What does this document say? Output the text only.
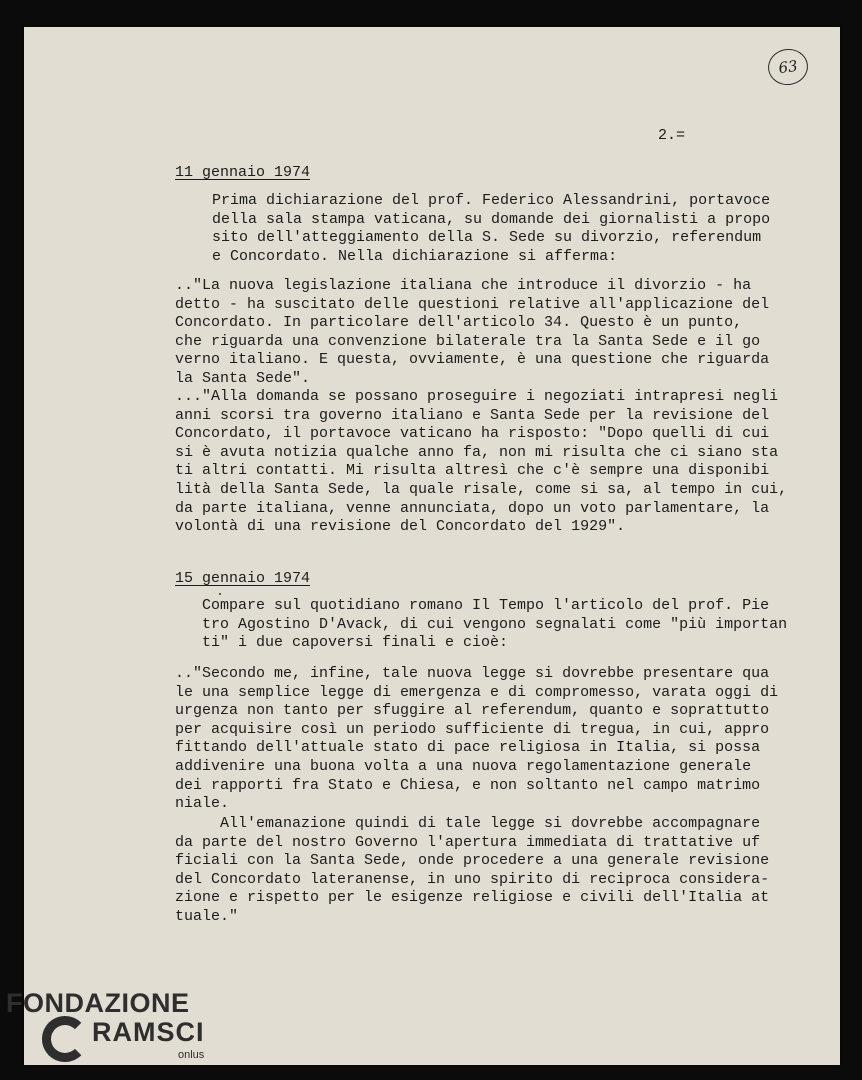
63
2.=
11 gennaio 1974
Prima dichiarazione del prof. Federico Alessandrini, portavoce
della sala stampa vaticana, su domande dei giornalisti a propo
sito dell'atteggiamento della S. Sede su divorzio, referendum
e Concordato. Nella dichiarazione si afferma:
.."La nuova legislazione italiana che introduce il divorzio - ha
detto - ha suscitato delle questioni relative all'applicazione del
Concordato. In particolare dell'articolo 34. Questo è un punto,
che riguarda una convenzione bilaterale tra la Santa Sede e il go
verno italiano. E questa, ovviamente, è una questione che riguarda
la Santa Sede".
..."Alla domanda se possano proseguire i negoziati intrapresi negli
anni scorsi tra governo italiano e Santa Sede per la revisione del
Concordato, il portavoce vaticano ha risposto: "Dopo quelli di cui
si è avuta notizia qualche anno fa, non mi risulta che ci siano sta
ti altri contatti. Mi risulta altresì che c'è sempre una disponibi
lità della Santa Sede, la quale risale, come si sa, al tempo in cui,
da parte italiana, venne annunciata, dopo un voto parlamentare, la
volontà di una revisione del Concordato del 1929".
15 gennaio 1974
Compare sul quotidiano romano Il Tempo l'articolo del prof. Pie
tro Agostino D'Avack, di cui vengono segnalati come "più importan
ti" i due capoversi finali e cioè:
.."Secondo me, infine, tale nuova legge si dovrebbe presentare qua
le una semplice legge di emergenza e di compromesso, varata oggi di
urgenza non tanto per sfuggire al referendum, quanto e soprattutto
per acquisire così un periodo sufficiente di tregua, in cui, appro
fittando dell'attuale stato di pace religiosa in Italia, si possa
addivenire una buona volta a una nuova regolamentazione generale
dei rapporti fra Stato e Chiesa, e non soltanto nel campo matrimo
niale.
All'emanazione quindi di tale legge si dovrebbe accompagnare
da parte del nostro Governo l'apertura immediata di trattative uf
ficiali con la Santa Sede, onde procedere a una generale revisione
del Concordato lateranense, in uno spirito di reciproca considera-
zione e rispetto per le esigenze religiose e civili dell'Italia at
tuale."
FONDAZIONE
RAMSCI
onlus
